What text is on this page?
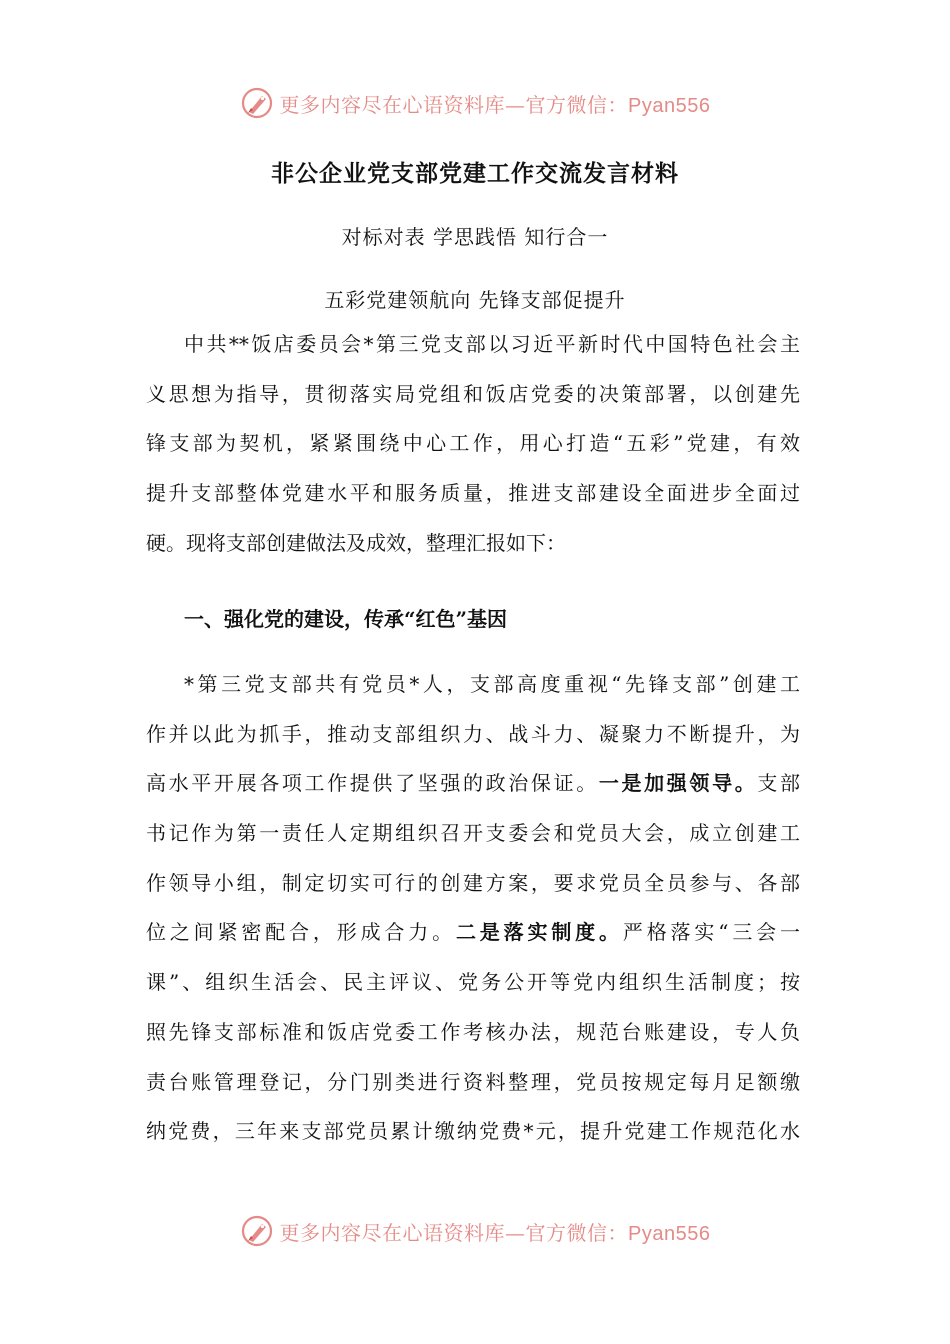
更多内容尽在心语资料库—官方微信：Pyan556
非公企业党支部党建工作交流发言材料
对标对表 学思践悟 知行合一
五彩党建领航向 先锋支部促提升
中共**饭店委员会*第三党支部以习近平新时代中国特色社会主
义思想为指导，贯彻落实局党组和饭店党委的决策部署，以创建先
锋支部为契机，紧紧围绕中心工作，用心打造“五彩”党建，有效
提升支部整体党建水平和服务质量，推进支部建设全面进步全面过
硬。现将支部创建做法及成效，整理汇报如下：
一、强化党的建设，传承“红色”基因
*第三党支部共有党员*人，支部高度重视“先锋支部”创建工
作并以此为抓手，推动支部组织力、战斗力、凝聚力不断提升，为
高水平开展各项工作提供了坚强的政治保证。一是加强领导。支部
书记作为第一责任人定期组织召开支委会和党员大会，成立创建工
作领导小组，制定切实可行的创建方案，要求党员全员参与、各部
位之间紧密配合，形成合力。二是落实制度。严格落实“三会一
课”、组织生活会、民主评议、党务公开等党内组织生活制度；按
照先锋支部标准和饭店党委工作考核办法，规范台账建设，专人负
责台账管理登记，分门别类进行资料整理，党员按规定每月足额缴
纳党费，三年来支部党员累计缴纳党费*元，提升党建工作规范化水
更多内容尽在心语资料库—官方微信：Pyan556
